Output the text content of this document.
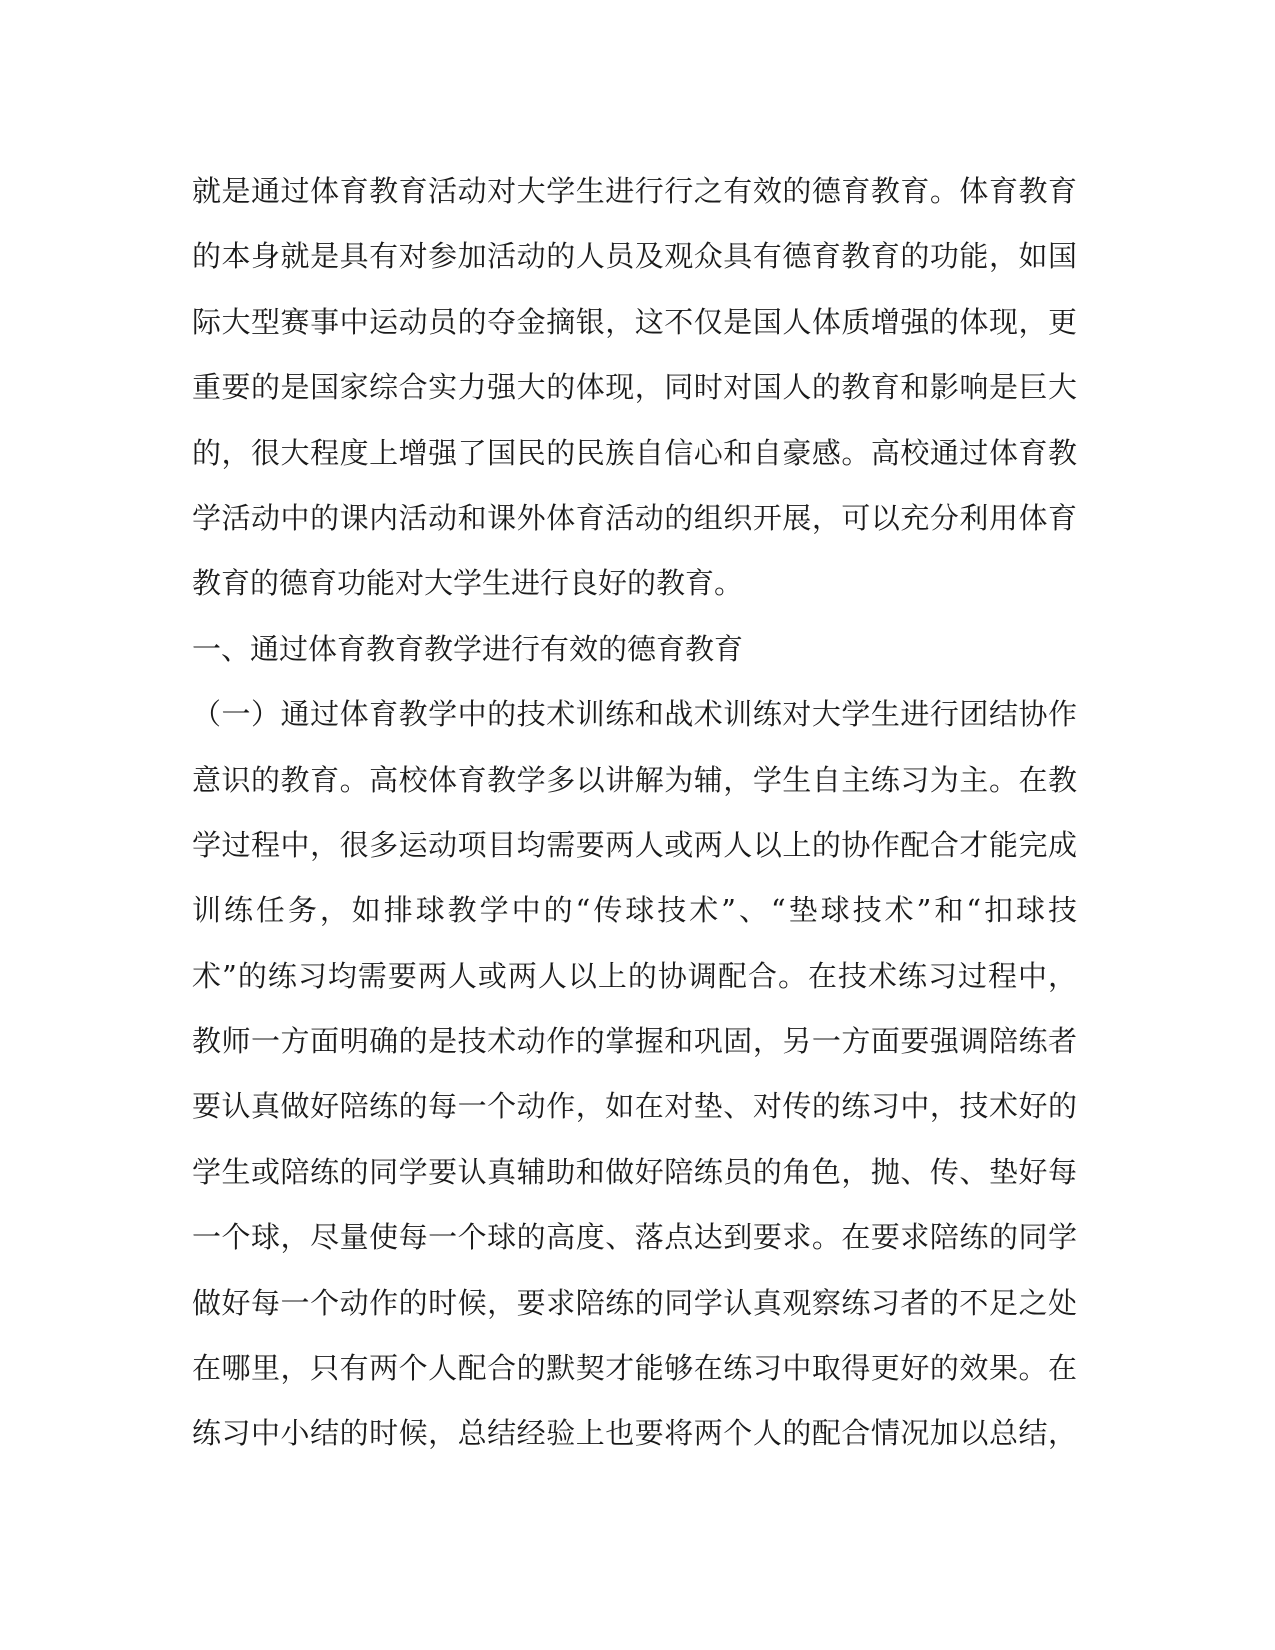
就是通过体育教育活动对大学生进行行之有效的德育教育。体育教育
的本身就是具有对参加活动的人员及观众具有德育教育的功能，如国
际大型赛事中运动员的夺金摘银，这不仅是国人体质增强的体现，更
重要的是国家综合实力强大的体现，同时对国人的教育和影响是巨大
的，很大程度上增强了国民的民族自信心和自豪感。高校通过体育教
学活动中的课内活动和课外体育活动的组织开展，可以充分利用体育
教育的德育功能对大学生进行良好的教育。
一、通过体育教育教学进行有效的德育教育
（一）通过体育教学中的技术训练和战术训练对大学生进行团结协作
意识的教育。高校体育教学多以讲解为辅，学生自主练习为主。在教
学过程中，很多运动项目均需要两人或两人以上的协作配合才能完成
训练任务，如排球教学中的“传球技术”、“垫球技术”和“扣球技
术”的练习均需要两人或两人以上的协调配合。在技术练习过程中，
教师一方面明确的是技术动作的掌握和巩固，另一方面要强调陪练者
要认真做好陪练的每一个动作，如在对垫、对传的练习中，技术好的
学生或陪练的同学要认真辅助和做好陪练员的角色，抛、传、垫好每
一个球，尽量使每一个球的高度、落点达到要求。在要求陪练的同学
做好每一个动作的时候，要求陪练的同学认真观察练习者的不足之处
在哪里，只有两个人配合的默契才能够在练习中取得更好的效果。在
练习中小结的时候，总结经验上也要将两个人的配合情况加以总结，
